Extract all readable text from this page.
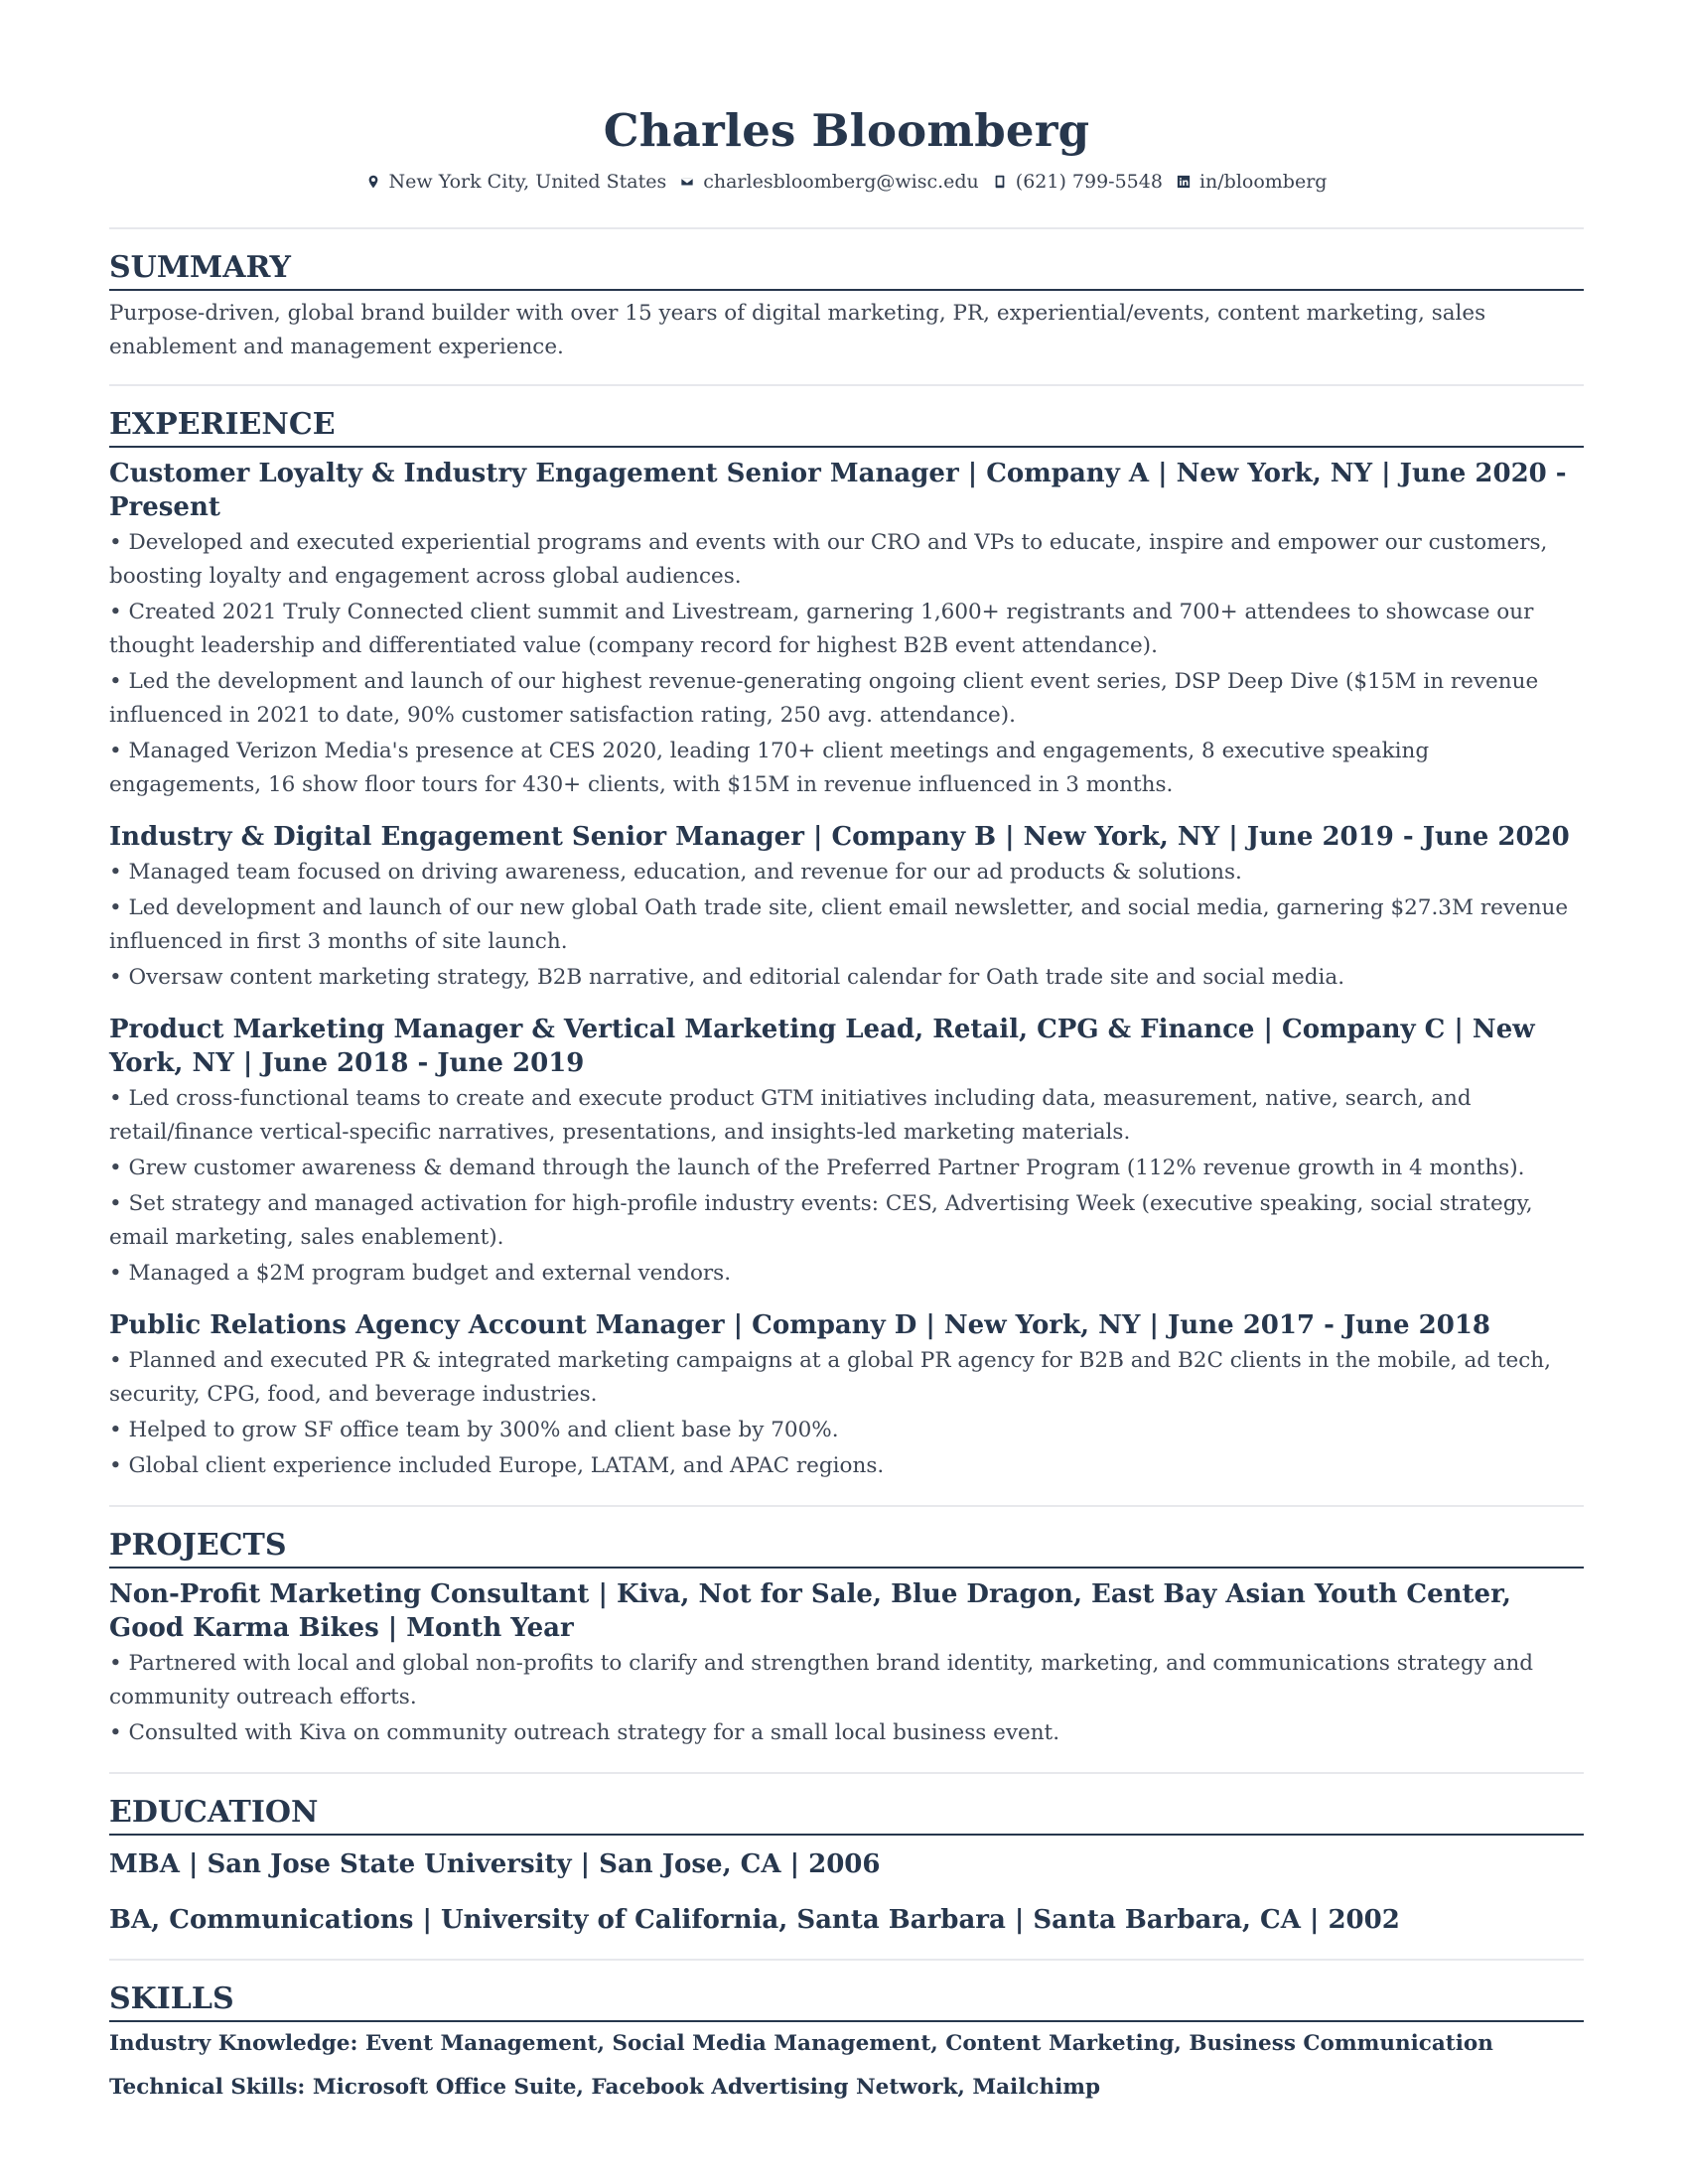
Charles Bloomberg
New York City, United States charlesbloomberg@wisc.edu (621) 799-5548 in/bloomberg
SUMMARY

Purpose-driven, global brand builder with over 15 years of digital marketing, PR, experiential/events, content marketing, sales enablement and management experience.

EXPERIENCE

Customer Loyalty & Industry Engagement Senior Manager | Company A | New York, NY | June 2020 - Present

• Developed and executed experiential programs and events with our CRO and VPs to educate, inspire and empower our customers, boosting loyalty and engagement across global audiences.

• Created 2021 Truly Connected client summit and Livestream, garnering 1,600+ registrants and 700+ attendees to showcase our thought leadership and differentiated value (company record for highest B2B event attendance).

• Led the development and launch of our highest revenue-generating ongoing client event series, DSP Deep Dive ($15M in revenue influenced in 2021 to date, 90% customer satisfaction rating, 250 avg. attendance).

• Managed Verizon Media's presence at CES 2020, leading 170+ client meetings and engagements, 8 executive speaking engagements, 16 show floor tours for 430+ clients, with $15M in revenue influenced in 3 months.

Industry & Digital Engagement Senior Manager | Company B | New York, NY | June 2019 - June 2020

• Managed team focused on driving awareness, education, and revenue for our ad products & solutions.

• Led development and launch of our new global Oath trade site, client email newsletter, and social media, garnering $27.3M revenue influenced in first 3 months of site launch.

• Oversaw content marketing strategy, B2B narrative, and editorial calendar for Oath trade site and social media.

Product Marketing Manager & Vertical Marketing Lead, Retail, CPG & Finance | Company C | New York, NY | June 2018 - June 2019

• Led cross-functional teams to create and execute product GTM initiatives including data, measurement, native, search, and retail/finance vertical-specific narratives, presentations, and insights-led marketing materials.

• Grew customer awareness & demand through the launch of the Preferred Partner Program (112% revenue growth in 4 months).

• Set strategy and managed activation for high-profile industry events: CES, Advertising Week (executive speaking, social strategy, email marketing, sales enablement).

• Managed a $2M program budget and external vendors.

Public Relations Agency Account Manager | Company D | New York, NY | June 2017 - June 2018

• Planned and executed PR & integrated marketing campaigns at a global PR agency for B2B and B2C clients in the mobile, ad tech, security, CPG, food, and beverage industries.

• Helped to grow SF office team by 300% and client base by 700%.

• Global client experience included Europe, LATAM, and APAC regions.

PROJECTS

Non-Profit Marketing Consultant | Kiva, Not for Sale, Blue Dragon, East Bay Asian Youth Center, Good Karma Bikes | Month Year

• Partnered with local and global non-profits to clarify and strengthen brand identity, marketing, and communications strategy and community outreach efforts.

• Consulted with Kiva on community outreach strategy for a small local business event.

EDUCATION

MBA | San Jose State University | San Jose, CA | 2006

BA, Communications | University of California, Santa Barbara | Santa Barbara, CA | 2002

SKILLS

Industry Knowledge: Event Management, Social Media Management, Content Marketing, Business Communication

Technical Skills: Microsoft Office Suite, Facebook Advertising Network, Mailchimp
